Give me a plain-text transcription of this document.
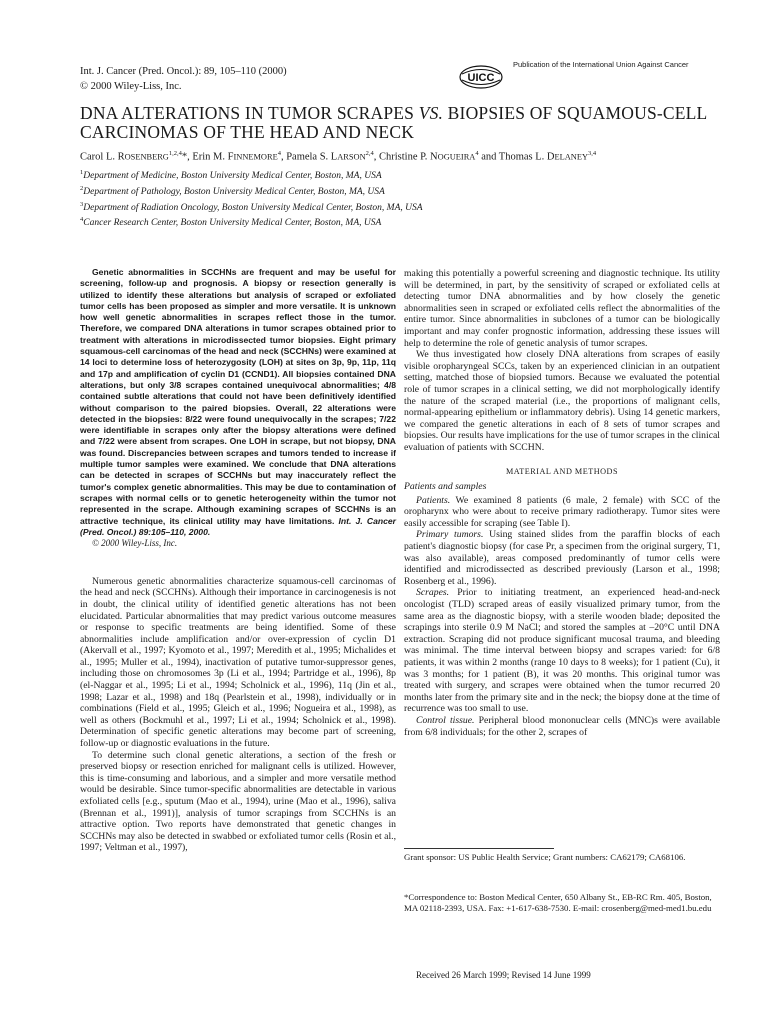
Int. J. Cancer (Pred. Oncol.): 89, 105–110 (2000)
© 2000 Wiley-Liss, Inc.
UICC
Publication of the International Union Against Cancer
DNA ALTERATIONS IN TUMOR SCRAPES VS. BIOPSIES OF SQUAMOUS-CELL CARCINOMAS OF THE HEAD AND NECK
Carol L. ROSENBERG$^{1,2,4}$*, Erin M. FINNEMORE$^4$, Pamela S. LARSON$^{2,4}$, Christine P. NOGUEIRA$^4$ and Thomas L. DELANEY$^{3,4}$
$^1$Department of Medicine, Boston University Medical Center, Boston, MA, USA
$^2$Department of Pathology, Boston University Medical Center, Boston, MA, USA
$^3$Department of Radiation Oncology, Boston University Medical Center, Boston, MA, USA
$^4$Cancer Research Center, Boston University Medical Center, Boston, MA, USA
Genetic abnormalities in SCCHNs are frequent and may be useful for screening, follow-up and prognosis. A biopsy or resection generally is utilized to identify these alterations but analysis of scraped or exfoliated tumor cells has been proposed as simpler and more versatile. It is unknown how well genetic abnormalities in scrapes reflect those in the tumor. Therefore, we compared DNA alterations in tumor scrapes obtained prior to treatment with alterations in microdissected tumor biopsies. Eight primary squamous-cell carcinomas of the head and neck (SCCHNs) were examined at 14 loci to determine loss of heterozygosity (LOH) at sites on 3p, 9p, 11p, 11q and 17p and amplification of cyclin D1 (CCND1). All biopsies contained DNA alterations, but only 3/8 scrapes contained unequivocal abnormalities; 4/8 contained subtle alterations that could not have been definitively identified without comparison to the paired biopsies. Overall, 22 alterations were detected in the biopsies: 8/22 were found unequivocally in the scrapes; 7/22 were identifiable in scrapes only after the biopsy alterations were defined and 7/22 were absent from scrapes. One LOH in scrape, but not biopsy, DNA was found. Discrepancies between scrapes and tumors tended to increase if multiple tumor samples were examined. We conclude that DNA alterations can be detected in scrapes of SCCHNs but may inaccurately reflect the tumor's complex genetic abnormalities. This may be due to contamination of scrapes with normal cells or to genetic heterogeneity within the tumor not represented in the scrape. Although examining scrapes of SCCHNs is an attractive technique, its clinical utility may have limitations. Int. J. Cancer (Pred. Oncol.) 89:105–110, 2000.
© 2000 Wiley-Liss, Inc.

Numerous genetic abnormalities characterize squamous-cell carcinomas of the head and neck (SCCHNs). Although their importance in carcinogenesis is not in doubt, the clinical utility of identified genetic alterations has not been elucidated. Particular abnormalities that may predict various outcome measures or response to specific treatments are being identified. Some of these abnormalities include amplification and/or over-expression of cyclin D1 (Akervall et al., 1997; Kyomoto et al., 1997; Meredith et al., 1995; Michalides et al., 1995; Muller et al., 1994), inactivation of putative tumor-suppressor genes, including those on chromosomes 3p (Li et al., 1994; Partridge et al., 1996), 8p (el-Naggar et al., 1995; Li et al., 1994; Scholnick et al., 1996), 11q (Jin et al., 1998; Lazar et al., 1998) and 18q (Pearlstein et al., 1998), individually or in combinations (Field et al., 1995; Gleich et al., 1996; Nogueira et al., 1998), as well as others (Bockmuhl et al., 1997; Li et al., 1994; Scholnick et al., 1998). Determination of specific genetic alterations may become part of screening, follow-up or diagnostic evaluations in the future.

To determine such clonal genetic alterations, a section of the fresh or preserved biopsy or resection enriched for malignant cells is utilized. However, this is time-consuming and laborious, and a simpler and more versatile method would be desirable. Since tumor-specific abnormalities are detectable in various exfoliated cells [e.g., sputum (Mao et al., 1994), urine (Mao et al., 1996), saliva (Brennan et al., 1991)], analysis of tumor scrapings from SCCHNs is an attractive option. Two reports have demonstrated that genetic changes in SCCHNs may also be detected in swabbed or exfoliated tumor cells (Rosin et al., 1997; Veltman et al., 1997),

making this potentially a powerful screening and diagnostic technique. Its utility will be determined, in part, by the sensitivity of scraped or exfoliated cells at detecting tumor DNA abnormalities and by how closely the genetic abnormalities seen in scraped or exfoliated cells reflect the abnormalities of the entire tumor. Since abnormalities in subclones of a tumor can be biologically important and may confer prognostic information, addressing these issues will help to determine the role of genetic analysis of tumor scrapes.

We thus investigated how closely DNA alterations from scrapes of easily visible oropharyngeal SCCs, taken by an experienced clinician in an outpatient setting, matched those of biopsied tumors. Because we evaluated the potential role of tumor scrapes in a clinical setting, we did not morphologically identify the nature of the scraped material (i.e., the proportions of malignant cells, normal-appearing epithelium or inflammatory debris). Using 14 genetic markers, we compared the genetic alterations in each of 8 sets of tumor scrapes and biopsies. Our results have implications for the use of tumor scrapes in the clinical evaluation of patients with SCCHN.

MATERIAL AND METHODS
Patients and samples

Patients. We examined 8 patients (6 male, 2 female) with SCC of the oropharynx who were about to receive primary radiotherapy. Tumor sites were easily accessible for scraping (see Table I).

Primary tumors. Using stained slides from the paraffin blocks of each patient's diagnostic biopsy (for case Pr, a specimen from the original surgery, T1, was also available), areas composed predominantly of tumor cells were identified and microdissected as described previously (Larson et al., 1998; Rosenberg et al., 1996).

Scrapes. Prior to initiating treatment, an experienced head-and-neck oncologist (TLD) scraped areas of easily visualized primary tumor, from the same area as the diagnostic biopsy, with a sterile wooden blade; deposited the scrapings into sterile 0.9 M NaCl; and stored the samples at –20°C until DNA extraction. Scraping did not produce significant mucosal trauma, and bleeding was minimal. The time interval between biopsy and scrapes varied: for 6/8 patients, it was within 2 months (range 10 days to 8 weeks); for 1 patient (Cu), it was 3 months; for 1 patient (B), it was 20 months. This original tumor was treated with surgery, and scrapes were obtained when the tumor recurred 20 months later from the primary site and in the neck; the biopsy done at the time of recurrence was too small to use.

Control tissue. Peripheral blood mononuclear cells (MNC)s were available from 6/8 individuals; for the other 2, scrapes of

Grant sponsor: US Public Health Service; Grant numbers: CA62179; CA68106.
*Correspondence to: Boston Medical Center, 650 Albany St., EB-RC Rm. 405, Boston, MA 02118-2393, USA. Fax: +1-617-638-7530. E-mail: crosenberg@med-med1.bu.edu
Received 26 March 1999; Revised 14 June 1999
